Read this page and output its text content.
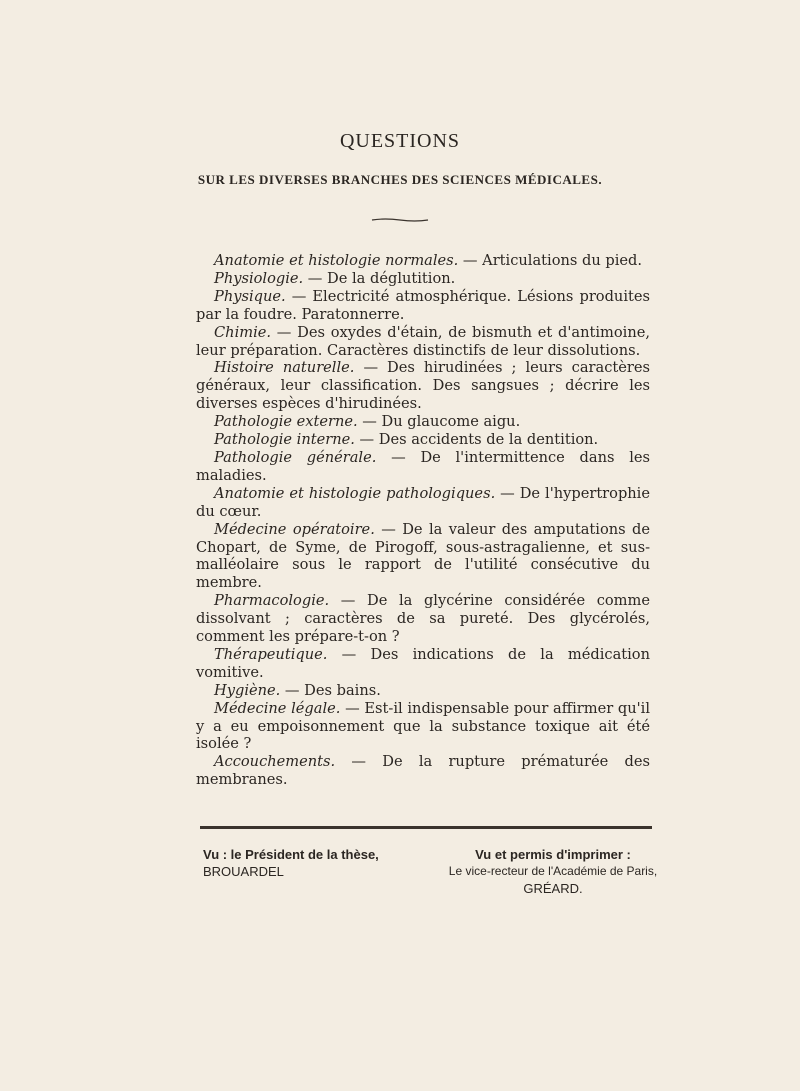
QUESTIONS
SUR LES DIVERSES BRANCHES DES SCIENCES MÉDICALES.

Anatomie et histologie normales. — Articulations du pied.

Physiologie. — De la déglutition.

Physique. — Electricité atmosphérique. Lésions produites par la foudre. Paratonnerre.

Chimie. — Des oxydes d'étain, de bismuth et d'antimoine, leur préparation. Caractères distinctifs de leur dissolutions.

Histoire naturelle. — Des hirudinées ; leurs caractères généraux, leur classification. Des sangsues ; décrire les diverses espèces d'hirudinées.

Pathologie externe. — Du glaucome aigu.

Pathologie interne. — Des accidents de la dentition.

Pathologie générale. — De l'intermittence dans les maladies.

Anatomie et histologie pathologiques. — De l'hypertrophie du cœur.

Médecine opératoire. — De la valeur des amputations de Chopart, de Syme, de Pirogoff, sous-astragalienne, et sus-malléolaire sous le rapport de l'utilité consécutive du membre.

Pharmacologie. — De la glycérine considérée comme dissolvant ; caractères de sa pureté. Des glycérolés, comment les prépare-t-on ?

Thérapeutique. — Des indications de la médication vomitive.

Hygiène. — Des bains.

Médecine légale. — Est-il indispensable pour affirmer qu'il y a eu empoisonnement que la substance toxique ait été isolée ?

Accouchements. — De la rupture prématurée des membranes.

Vu : le Président de la thèse,
BROUARDEL
Vu et permis d'imprimer :
Le vice-recteur de l'Académie de Paris,
GRÉARD.
